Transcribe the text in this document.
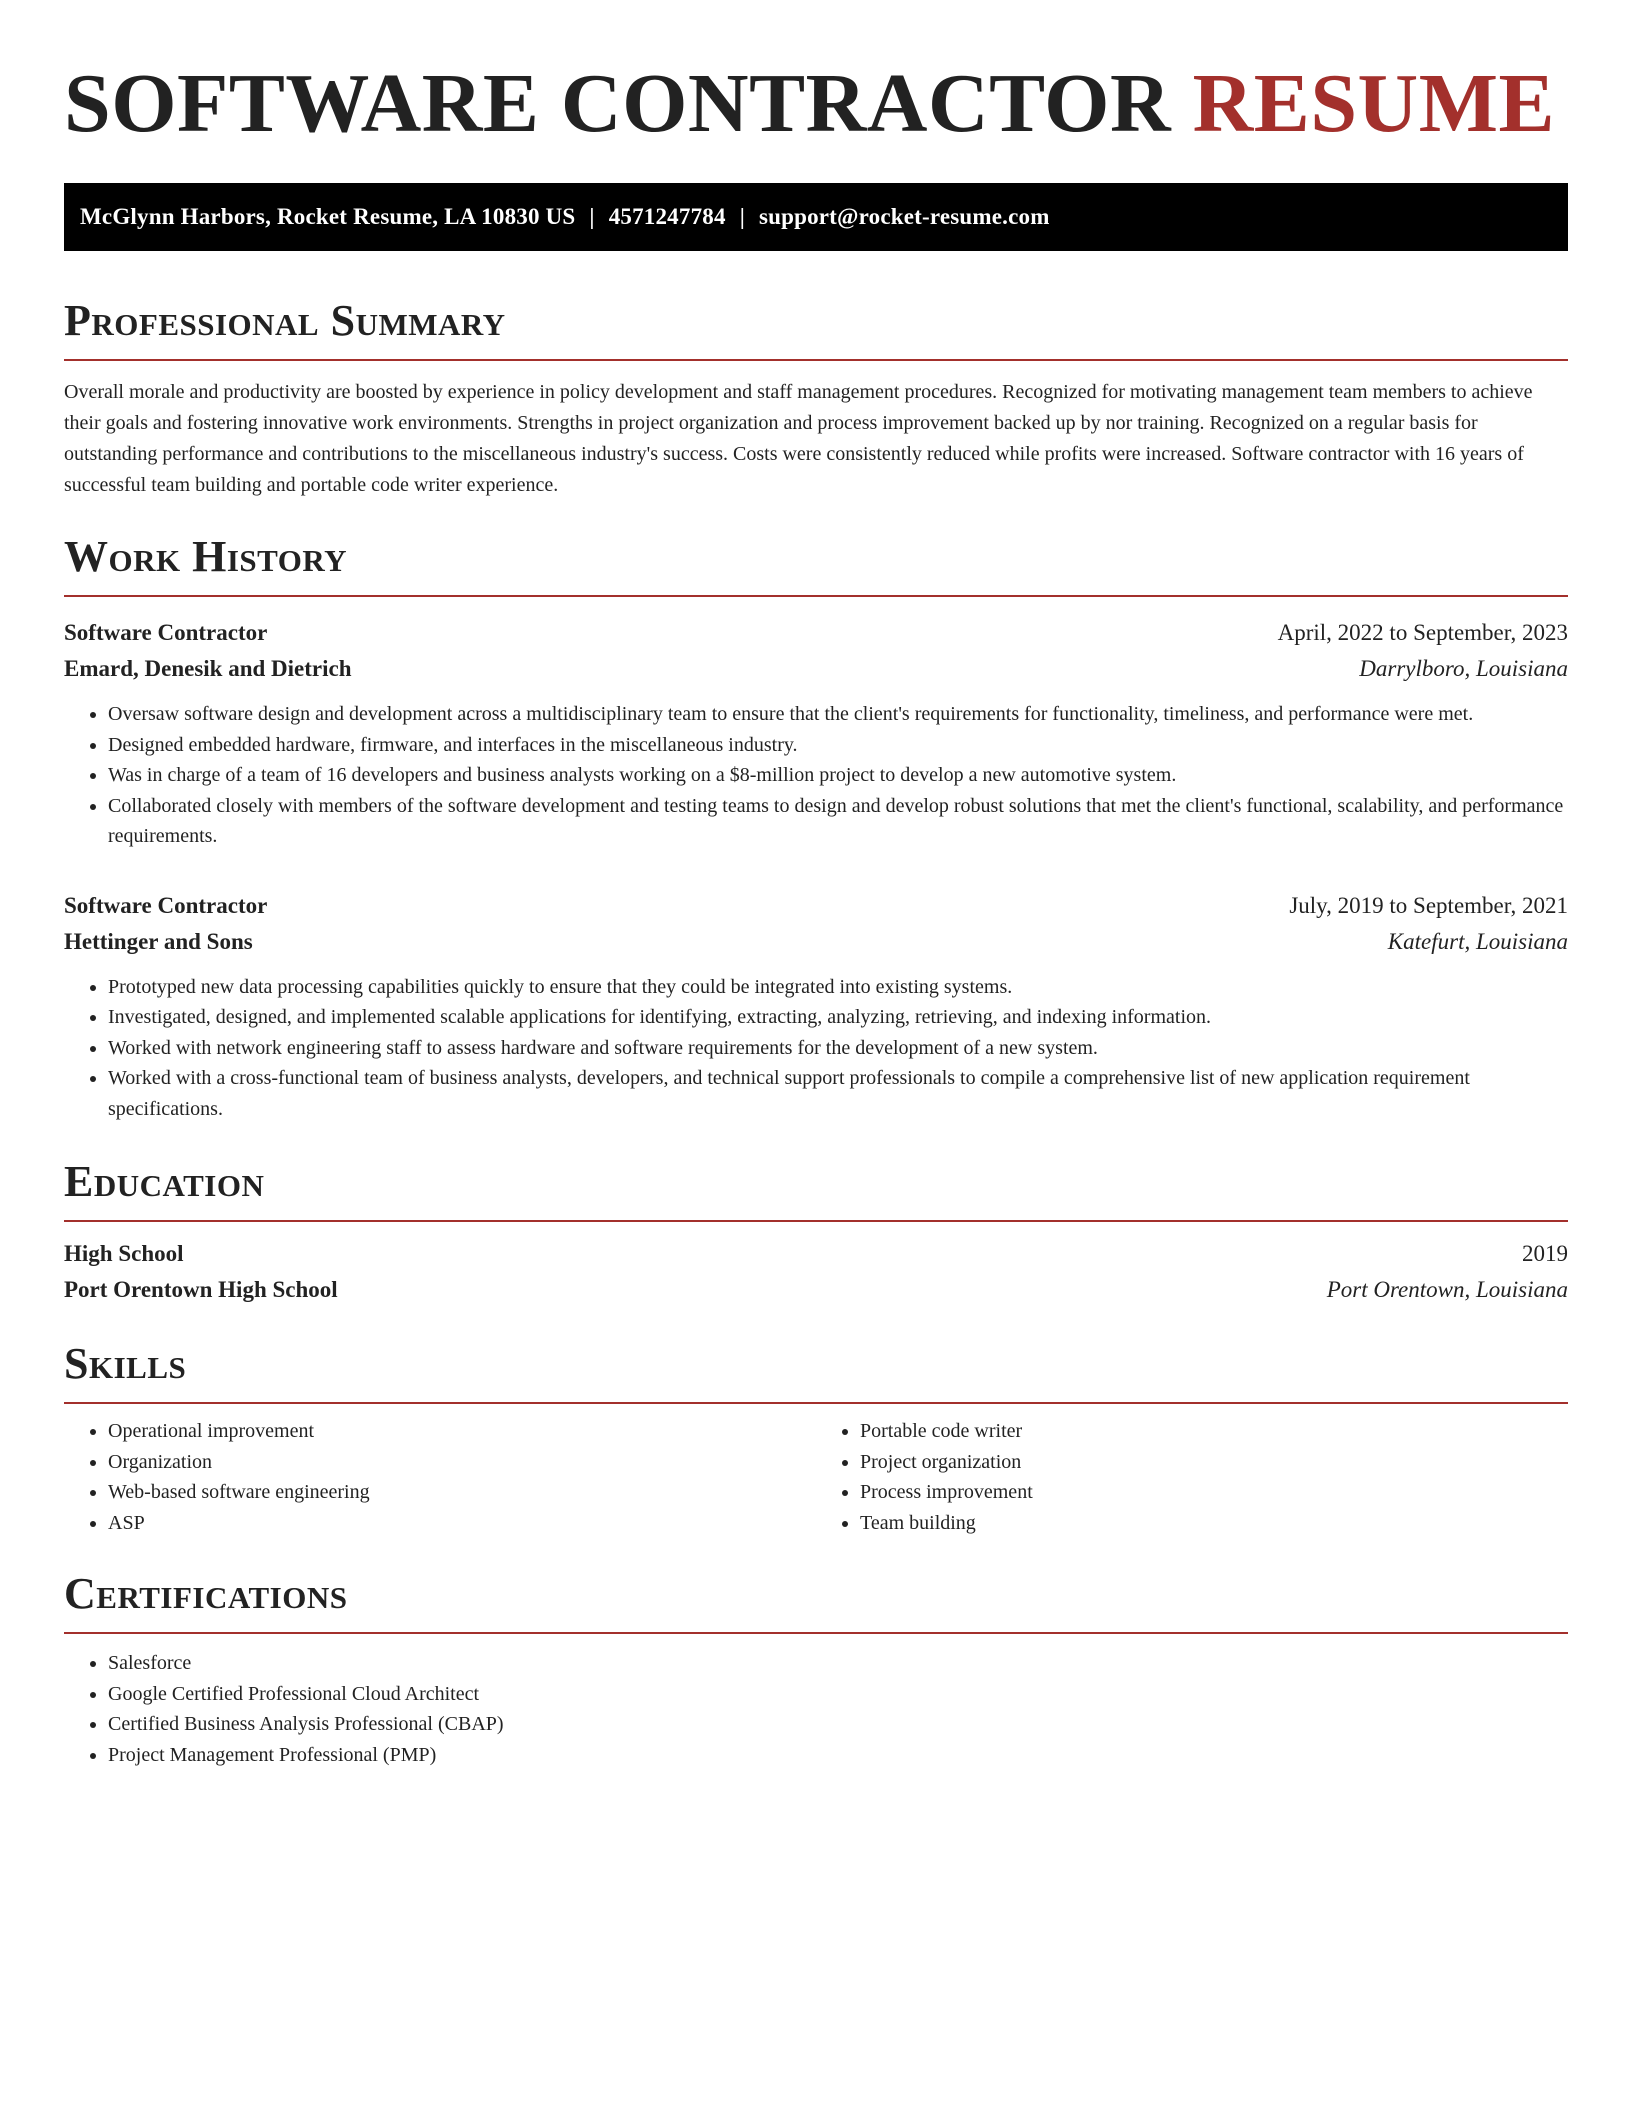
SOFTWARE CONTRACTOR RESUME
McGlynn Harbors, Rocket Resume, LA 10830 US | 4571247784 | support@rocket-resume.com
Professional Summary

Overall morale and productivity are boosted by experience in policy development and staff management procedures. Recognized for motivating management team members to achieve their goals and fostering innovative work environments. Strengths in project organization and process improvement backed up by nor training. Recognized on a regular basis for outstanding performance and contributions to the miscellaneous industry's success. Costs were consistently reduced while profits were increased. Software contractor with 16 years of successful team building and portable code writer experience.

Work History
Software Contractor	April, 2022 to September, 2023
Emard, Denesik and Dietrich	Darrylboro, Louisiana
• Oversaw software design and development across a multidisciplinary team to ensure that the client's requirements for functionality, timeliness, and performance were met.
• Designed embedded hardware, firmware, and interfaces in the miscellaneous industry.
• Was in charge of a team of 16 developers and business analysts working on a $8-million project to develop a new automotive system.
• Collaborated closely with members of the software development and testing teams to design and develop robust solutions that met the client's functional, scalability, and performance requirements.
Software Contractor	July, 2019 to September, 2021
Hettinger and Sons	Katefurt, Louisiana
• Prototyped new data processing capabilities quickly to ensure that they could be integrated into existing systems.
• Investigated, designed, and implemented scalable applications for identifying, extracting, analyzing, retrieving, and indexing information.
• Worked with network engineering staff to assess hardware and software requirements for the development of a new system.
• Worked with a cross-functional team of business analysts, developers, and technical support professionals to compile a comprehensive list of new application requirement specifications.
Education
High School	2019
Port Orentown High School	Port Orentown, Louisiana
Skills
• Operational improvement
• Organization
• Web-based software engineering
• ASP
• Portable code writer
• Project organization
• Process improvement
• Team building
Certifications
• Salesforce
• Google Certified Professional Cloud Architect
• Certified Business Analysis Professional (CBAP)
• Project Management Professional (PMP)
